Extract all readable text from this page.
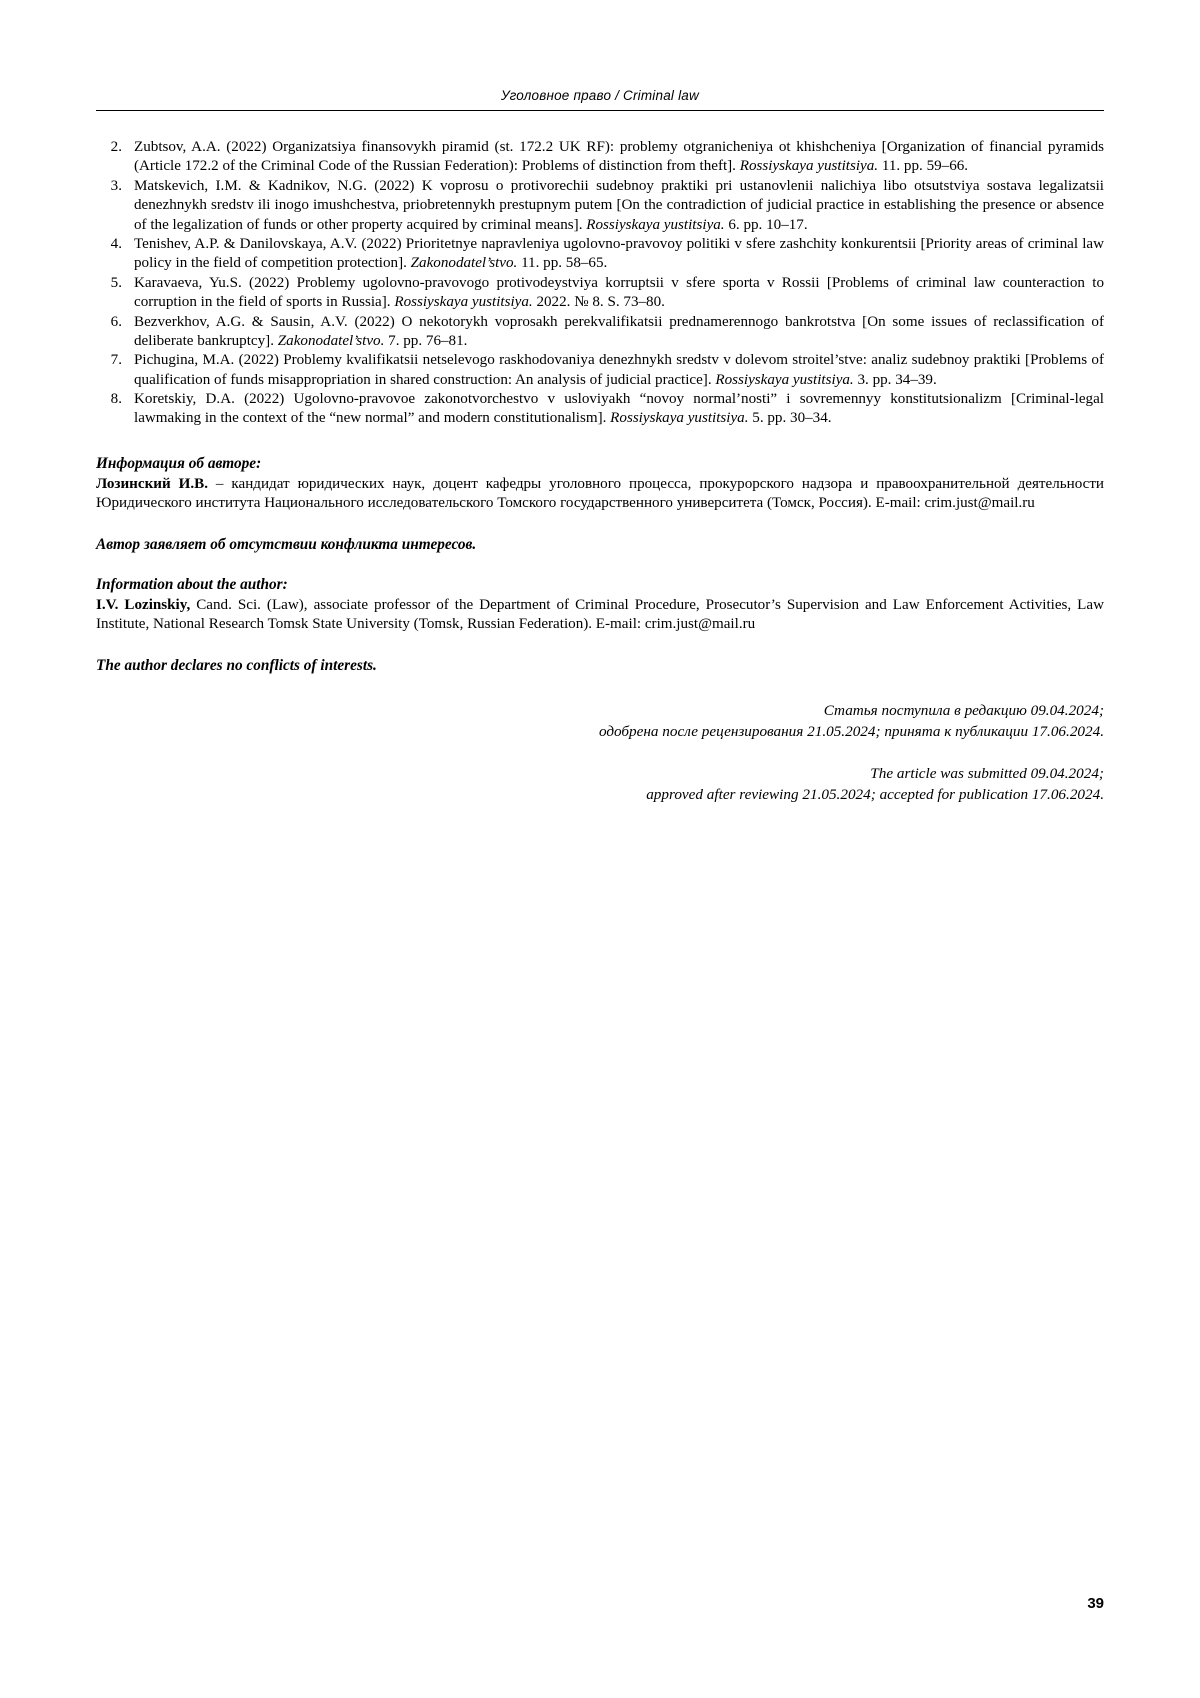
Уголовное право / Criminal law
2. Zubtsov, A.A. (2022) Organizatsiya finansovykh piramid (st. 172.2 UK RF): problemy otgranicheniya ot khishcheniya [Organization of financial pyramids (Article 172.2 of the Criminal Code of the Russian Federation): Problems of distinction from theft]. Rossiyskaya yustitsiya. 11. pp. 59–66.
3. Matskevich, I.M. & Kadnikov, N.G. (2022) K voprosu o protivorechii sudebnoy praktiki pri ustanovlenii nalichiya libo otsutstviya sostava legalizatsii denezhnykh sredstv ili inogo imushchestva, priobretennykh prestupnym putem [On the contradiction of judicial practice in establishing the presence or absence of the legalization of funds or other property acquired by criminal means]. Rossiyskaya yustitsiya. 6. pp. 10–17.
4. Tenishev, A.P. & Danilovskaya, A.V. (2022) Prioritetnye napravleniya ugolovno-pravovoy politiki v sfere zashchity konkurentsii [Priority areas of criminal law policy in the field of competition protection]. Zakonodatel’stvo. 11. pp. 58–65.
5. Karavaeva, Yu.S. (2022) Problemy ugolovno-pravovogo protivodeystviya korruptsii v sfere sporta v Rossii [Problems of criminal law counteraction to corruption in the field of sports in Russia]. Rossiyskaya yustitsiya. 2022. № 8. S. 73–80.
6. Bezverkhov, A.G. & Sausin, A.V. (2022) O nekotorykh voprosakh perekvalifikatsii prednamerennogo bankrotstva [On some issues of reclassification of deliberate bankruptcy]. Zakonodatel’stvo. 7. pp. 76–81.
7. Pichugina, M.A. (2022) Problemy kvalifikatsii netselevogo raskhodovaniya denezhnykh sredstv v dolevom stroitel’stve: analiz sudebnoy praktiki [Problems of qualification of funds misappropriation in shared construction: An analysis of judicial practice]. Rossiyskaya yustitsiya. 3. pp. 34–39.
8. Koretskiy, D.A. (2022) Ugolovno-pravovoe zakonotvorchestvo v usloviyakh “novoy normal’nosti” i sovremennyy konstitutsionalizm [Criminal-legal lawmaking in the context of the “new normal” and modern constitutionalism]. Rossiyskaya yustitsiya. 5. pp. 30–34.
Информация об авторе:

Лозинский И.В. – кандидат юридических наук, доцент кафедры уголовного процесса, прокурорского надзора и правоохранительной деятельности Юридического института Национального исследовательского Томского государственного университета (Томск, Россия). E-mail: crim.just@mail.ru

Автор заявляет об отсутствии конфликта интересов.

Information about the author:

I.V. Lozinskiy, Cand. Sci. (Law), associate professor of the Department of Criminal Procedure, Prosecutor’s Supervision and Law Enforcement Activities, Law Institute, National Research Tomsk State University (Tomsk, Russian Federation). E-mail: crim.just@mail.ru

The author declares no conflicts of interests.

Статья поступила в редакцию 09.04.2024;
одобрена после рецензирования 21.05.2024; принята к публикации 17.06.2024.

The article was submitted 09.04.2024;
approved after reviewing 21.05.2024; accepted for publication 17.06.2024.

39
